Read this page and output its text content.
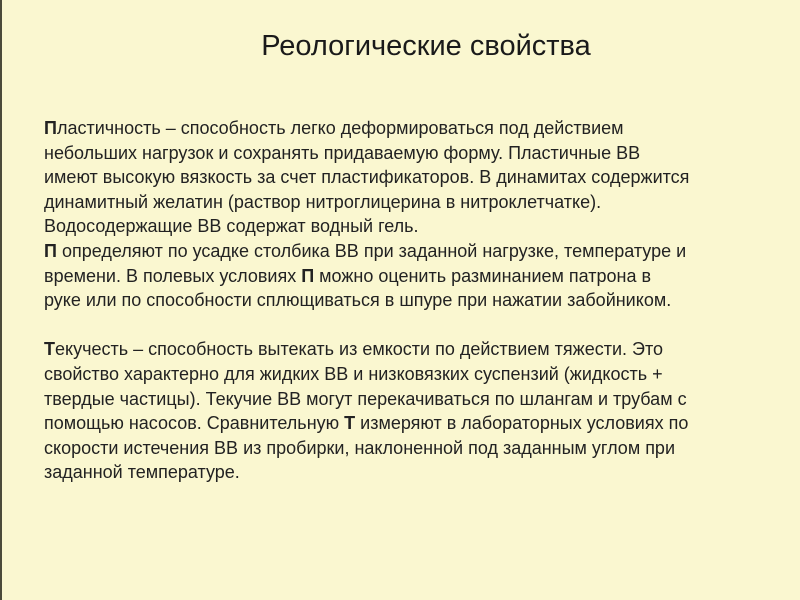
Реологические свойства
Пластичность – способность легко деформироваться под действием
небольших нагрузок и сохранять придаваемую форму. Пластичные ВВ
имеют высокую вязкость за счет пластификаторов. В динамитах содержится
динамитный желатин (раствор нитроглицерина в нитроклетчатке).
Водосодержащие ВВ содержат водный гель.
П определяют по усадке столбика ВВ при заданной нагрузке, температуре и
времени. В полевых условиях П можно оценить разминанием патрона в
руке или по способности сплющиваться в шпуре при нажатии забойником.
Текучесть – способность вытекать из емкости по действием тяжести. Это
свойство характерно для жидких ВВ и низковязких суспензий (жидкость +
твердые частицы). Текучие ВВ могут перекачиваться по шлангам и трубам с
помощью насосов. Сравнительную Т измеряют в лабораторных условиях по
скорости истечения ВВ из пробирки, наклоненной под заданным углом при
заданной температуре.
